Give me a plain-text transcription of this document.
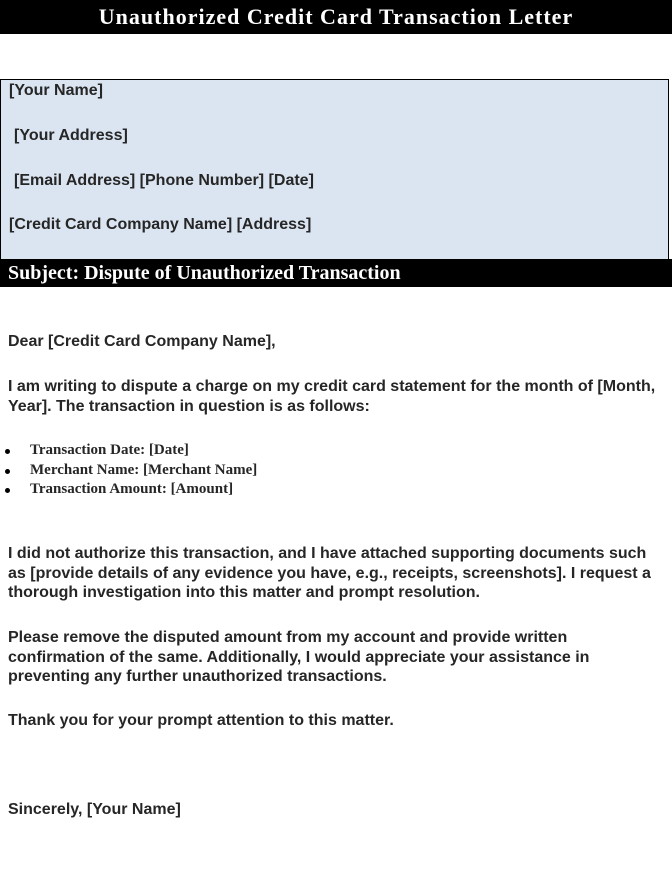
Unauthorized Credit Card Transaction Letter
[Your Name]
[Your Address]
[Email Address] [Phone Number] [Date]
[Credit Card Company Name] [Address]
Subject: Dispute of Unauthorized Transaction

Dear [Credit Card Company Name],

I am writing to dispute a charge on my credit card statement for the month of [Month, Year]. The transaction in question is as follows:

Transaction Date: [Date]
Merchant Name: [Merchant Name]
Transaction Amount: [Amount]

I did not authorize this transaction, and I have attached supporting documents such as [provide details of any evidence you have, e.g., receipts, screenshots]. I request a thorough investigation into this matter and prompt resolution.

Please remove the disputed amount from my account and provide written confirmation of the same. Additionally, I would appreciate your assistance in preventing any further unauthorized transactions.

Thank you for your prompt attention to this matter.

Sincerely, [Your Name]
